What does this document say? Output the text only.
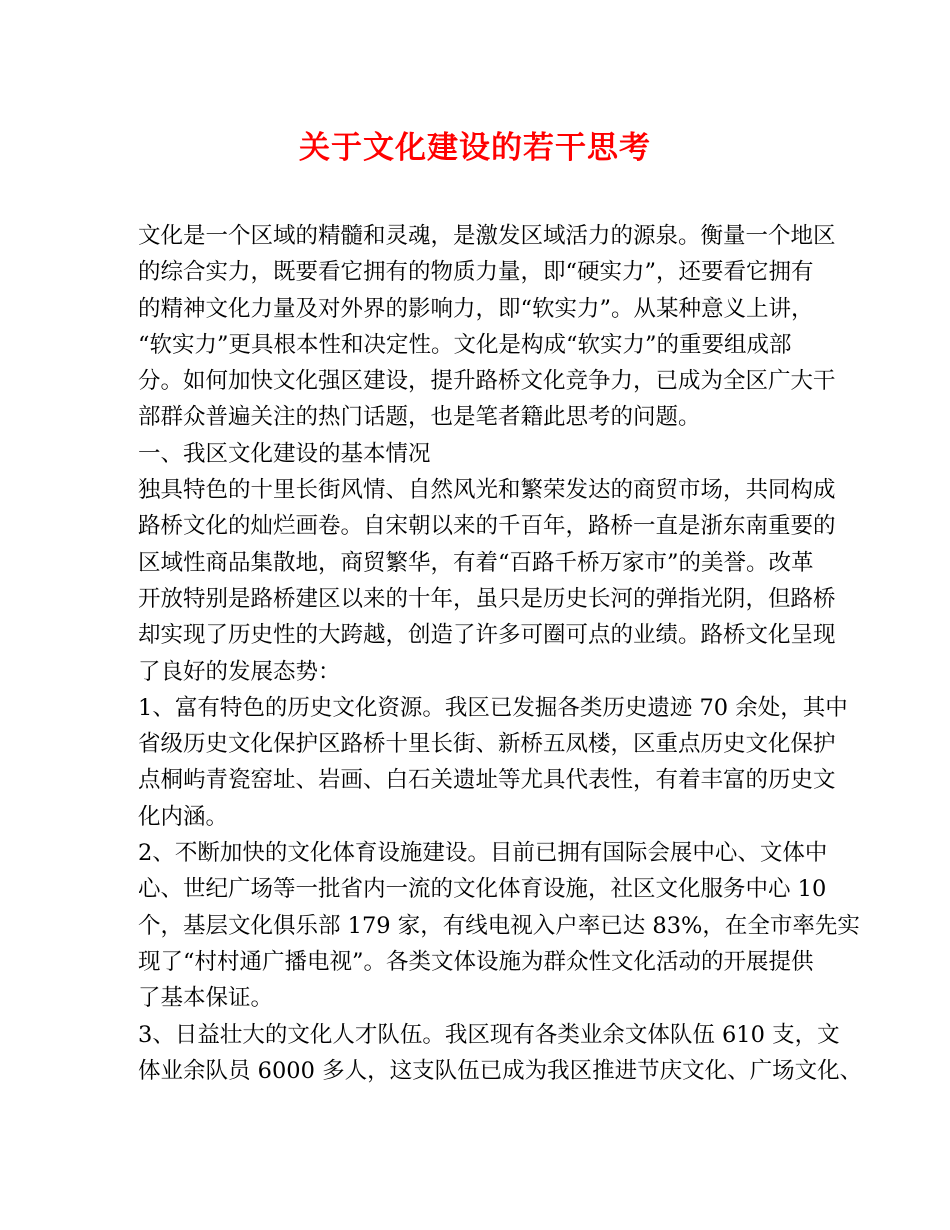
关于文化建设的若干思考
文化是一个区域的精髓和灵魂，是激发区域活力的源泉。衡量一个地区
的综合实力，既要看它拥有的物质力量，即“硬实力”，还要看它拥有
的精神文化力量及对外界的影响力，即“软实力”。从某种意义上讲，
“软实力”更具根本性和决定性。文化是构成“软实力”的重要组成部
分。如何加快文化强区建设，提升路桥文化竞争力，已成为全区广大干
部群众普遍关注的热门话题，也是笔者籍此思考的问题。
一、我区文化建设的基本情况
独具特色的十里长街风情、自然风光和繁荣发达的商贸市场，共同构成
路桥文化的灿烂画卷。自宋朝以来的千百年，路桥一直是浙东南重要的
区域性商品集散地，商贸繁华，有着“百路千桥万家市”的美誉。改革
开放特别是路桥建区以来的十年，虽只是历史长河的弹指光阴，但路桥
却实现了历史性的大跨越，创造了许多可圈可点的业绩。路桥文化呈现
了良好的发展态势：
1、富有特色的历史文化资源。我区已发掘各类历史遗迹 70 余处，其中
省级历史文化保护区路桥十里长街、新桥五凤楼，区重点历史文化保护
点桐屿青瓷窑址、岩画、白石关遗址等尤具代表性，有着丰富的历史文
化内涵。
2、不断加快的文化体育设施建设。目前已拥有国际会展中心、文体中
心、世纪广场等一批省内一流的文化体育设施，社区文化服务中心 10
个，基层文化俱乐部 179 家，有线电视入户率已达 83%，在全市率先实
现了“村村通广播电视”。各类文体设施为群众性文化活动的开展提供
了基本保证。
3、日益壮大的文化人才队伍。我区现有各类业余文体队伍 610 支，文
体业余队员 6000 多人，这支队伍已成为我区推进节庆文化、广场文化、
